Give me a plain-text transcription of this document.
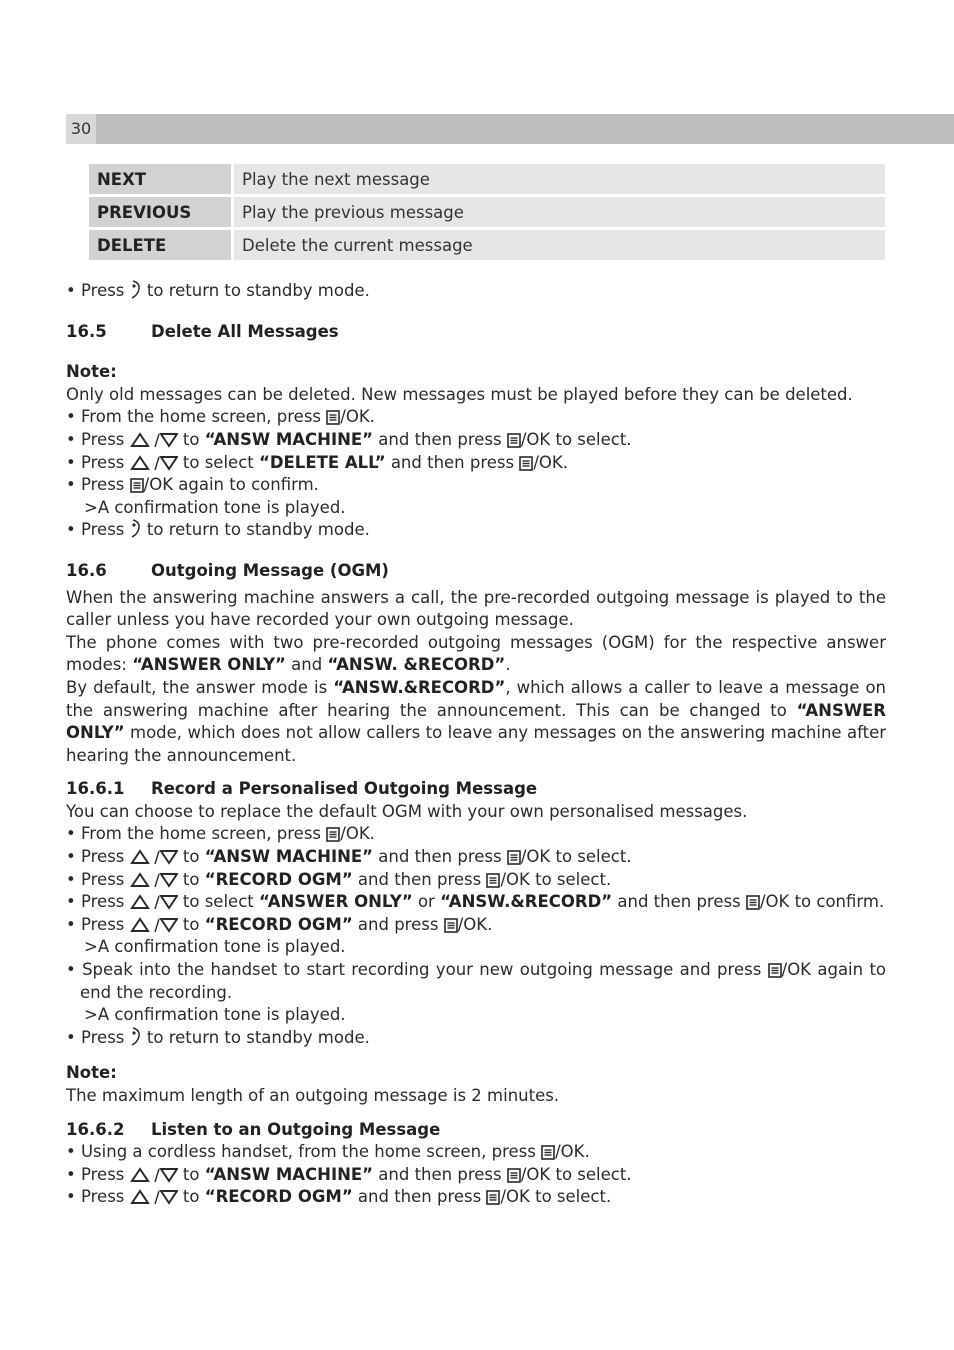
30
NEXT	Play the next message
PREVIOUS	Play the previous message
DELETE	Delete the current message

• Press to return to standby mode.

16.5	Delete All Messages

Note:

Only old messages can be deleted. New messages must be played before they can be deleted.

• From the home screen, press /OK.

• Press	to “ANSW MACHINE” and then press /OK to select.

• Press	to select “DELETE ALL” and then press /OK.

• Press /OK again to confirm.

>A confirmation tone is played.

• Press to return to standby mode.

16.6	Outgoing Message (OGM)

When the answering machine answers a call, the pre-recorded outgoing message is played to the caller unless you have recorded your own outgoing message.

The phone comes with two pre-recorded outgoing messages (OGM) for the respective answer modes: “ANSWER ONLY” and “ANSW. &RECORD”.

By default, the answer mode is “ANSW.&RECORD”, which allows a caller to leave a message on the answering machine after hearing the announcement. This can be changed to “ANSWER ONLY” mode, which does not allow callers to leave any messages on the answering machine after hearing the announcement.

16.6.1	Record a Personalised Outgoing Message

You can choose to replace the default OGM with your own personalised messages.

• From the home screen, press /OK.

• Press	to “ANSW MACHINE” and then press /OK to select.

• Press	to “RECORD OGM” and then press /OK to select.

• Press	to select “ANSWER ONLY” or “ANSW.&RECORD” and then press /OK to confirm.

• Press	to “RECORD OGM” and press /OK.

>A confirmation tone is played.

• Speak into the handset to start recording your new outgoing message and press /OK again to end the recording.

>A confirmation tone is played.

• Press to return to standby mode.

Note:

The maximum length of an outgoing message is 2 minutes.

16.6.2	Listen to an Outgoing Message

• Using a cordless handset, from the home screen, press /OK.

• Press	to “ANSW MACHINE” and then press /OK to select.

• Press	to “RECORD OGM” and then press /OK to select.
